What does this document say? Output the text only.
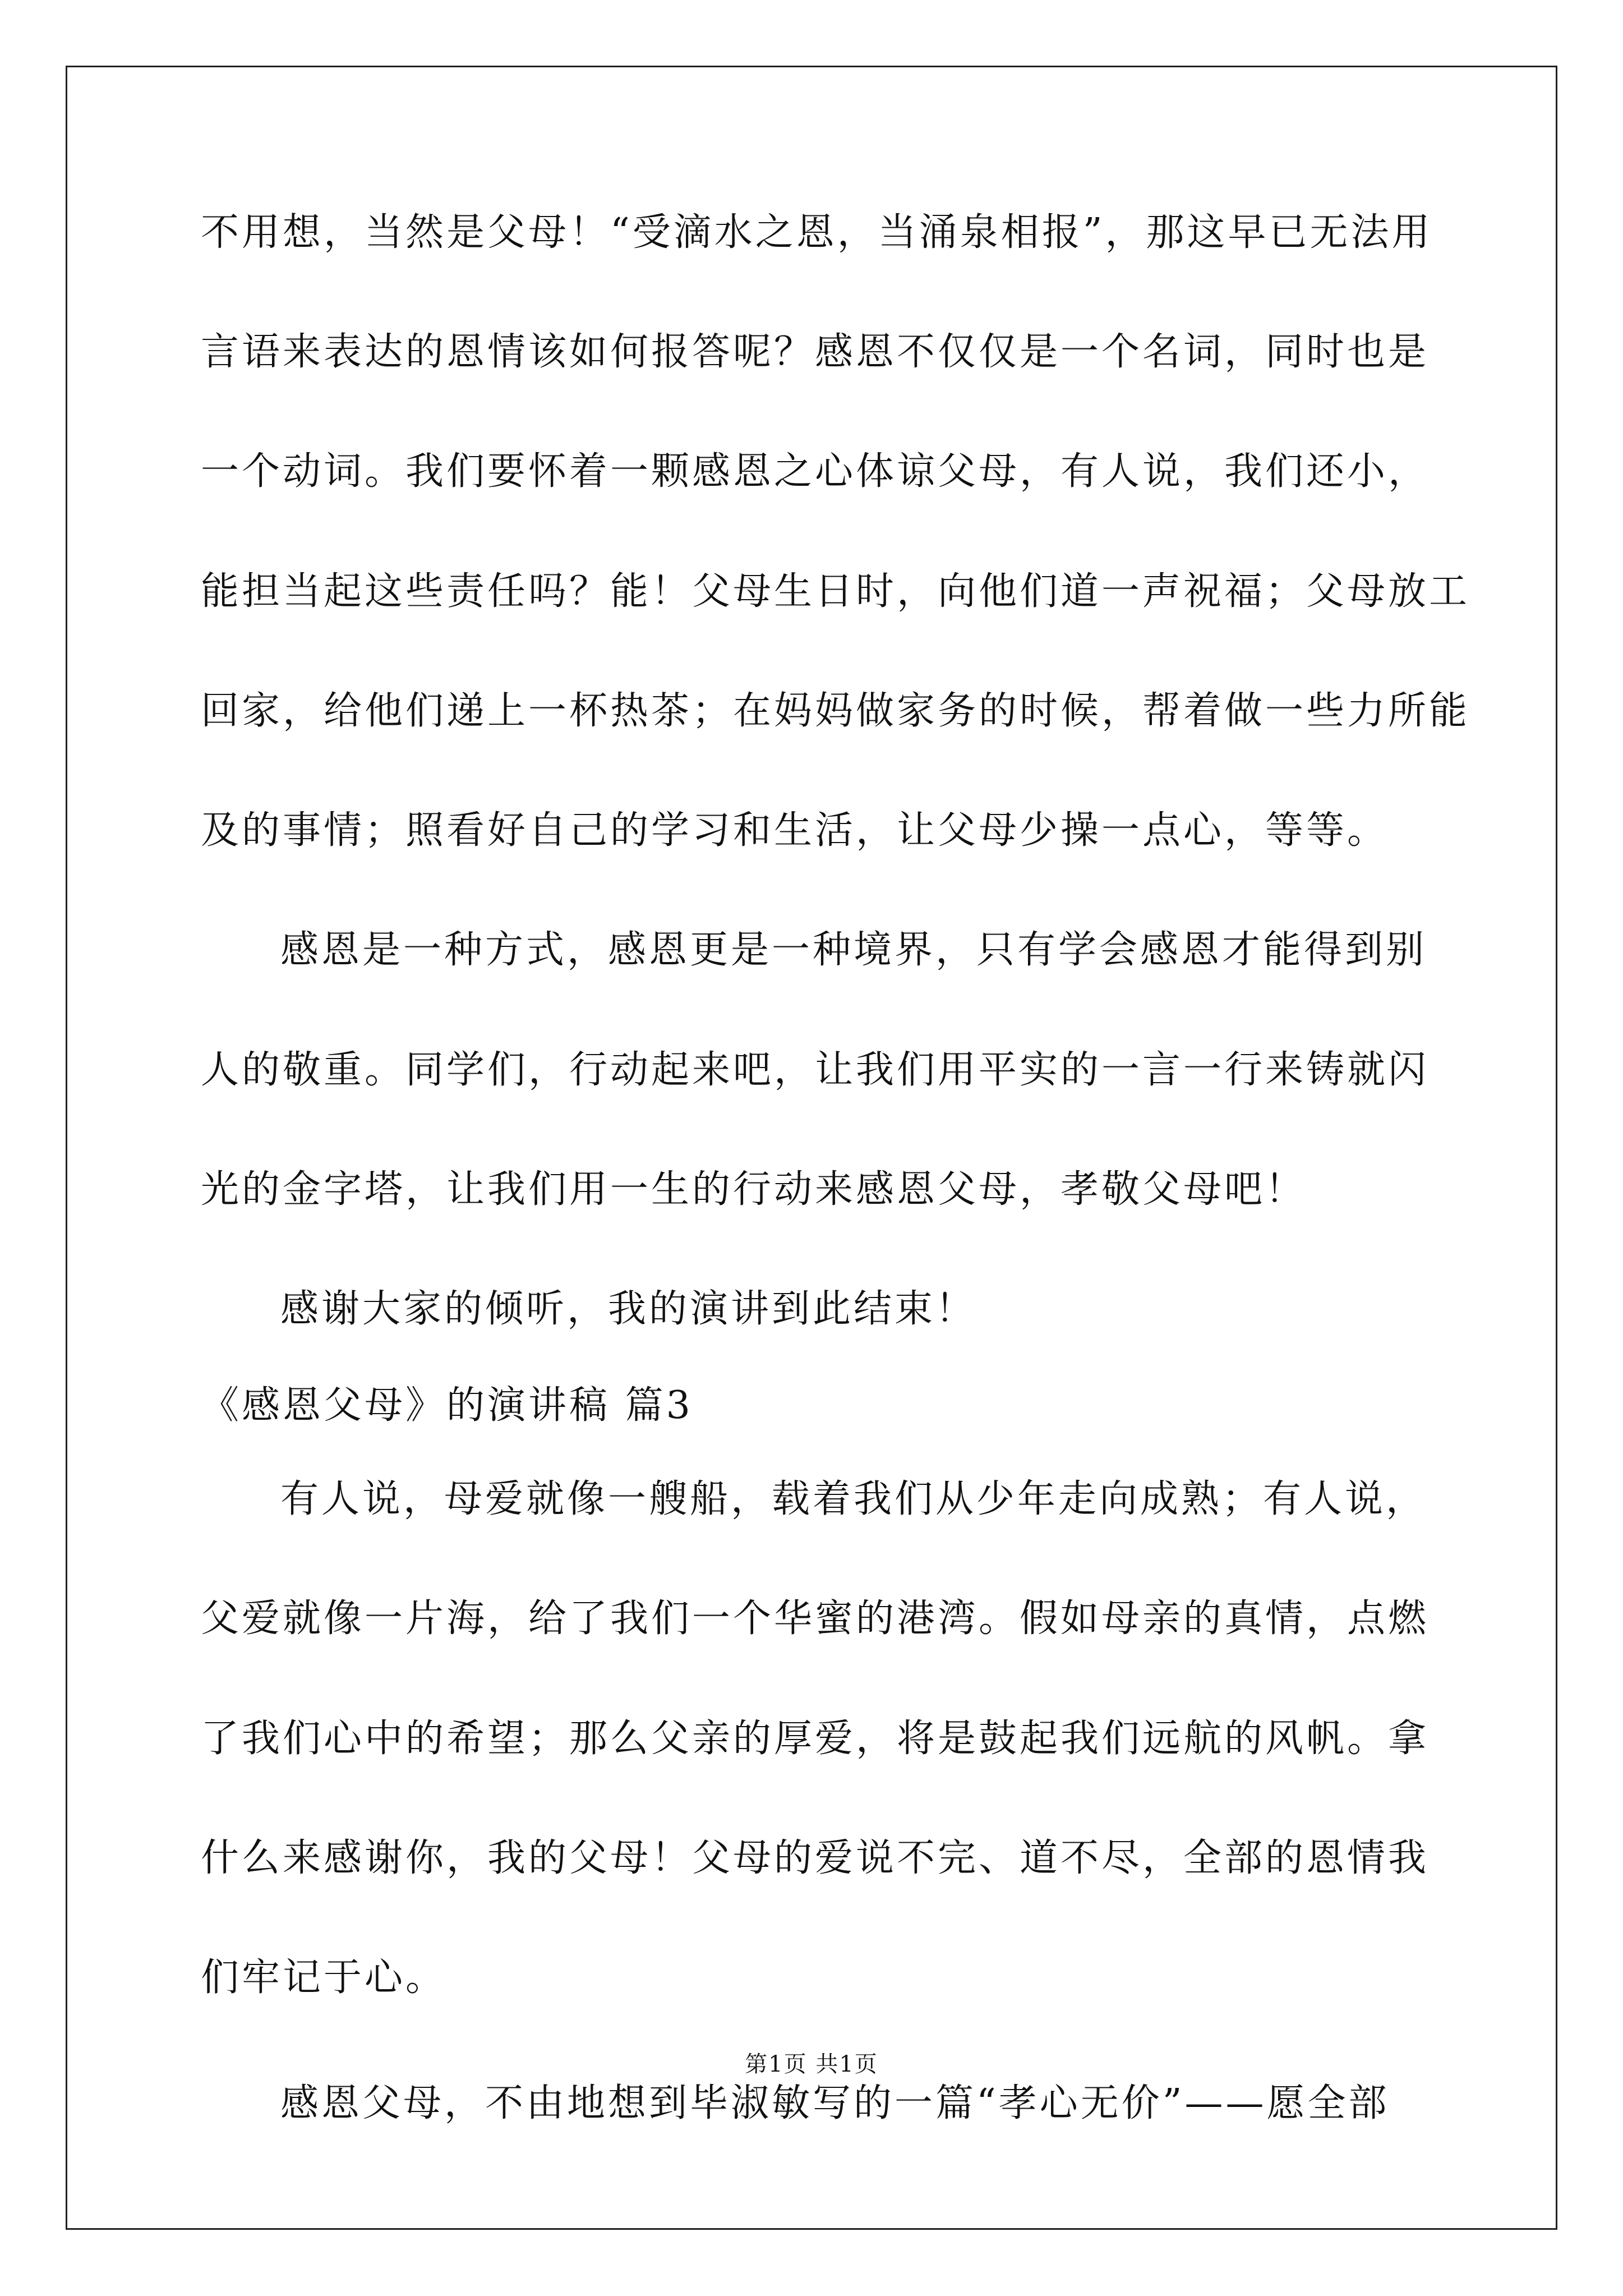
不用想，当然是父母！“受滴水之恩，当涌泉相报”，那这早已无法用
言语来表达的恩情该如何报答呢？感恩不仅仅是一个名词，同时也是
一个动词。我们要怀着一颗感恩之心体谅父母，有人说，我们还小，
能担当起这些责任吗？能！父母生日时，向他们道一声祝福；父母放工
回家，给他们递上一杯热茶；在妈妈做家务的时候，帮着做一些力所能
及的事情；照看好自己的学习和生活，让父母少操一点心，等等。
感恩是一种方式，感恩更是一种境界，只有学会感恩才能得到别
人的敬重。同学们，行动起来吧，让我们用平实的一言一行来铸就闪
光的金字塔，让我们用一生的行动来感恩父母，孝敬父母吧！
感谢大家的倾听，我的演讲到此结束！
《感恩父母》的演讲稿 篇3
有人说，母爱就像一艘船，载着我们从少年走向成熟；有人说，
父爱就像一片海，给了我们一个华蜜的港湾。假如母亲的真情，点燃
了我们心中的希望；那么父亲的厚爱，将是鼓起我们远航的风帆。拿
什么来感谢你，我的父母！父母的爱说不完、道不尽，全部的恩情我
们牢记于心。
感恩父母，不由地想到毕淑敏写的一篇“孝心无价”——愿全部
第1页 共1页
